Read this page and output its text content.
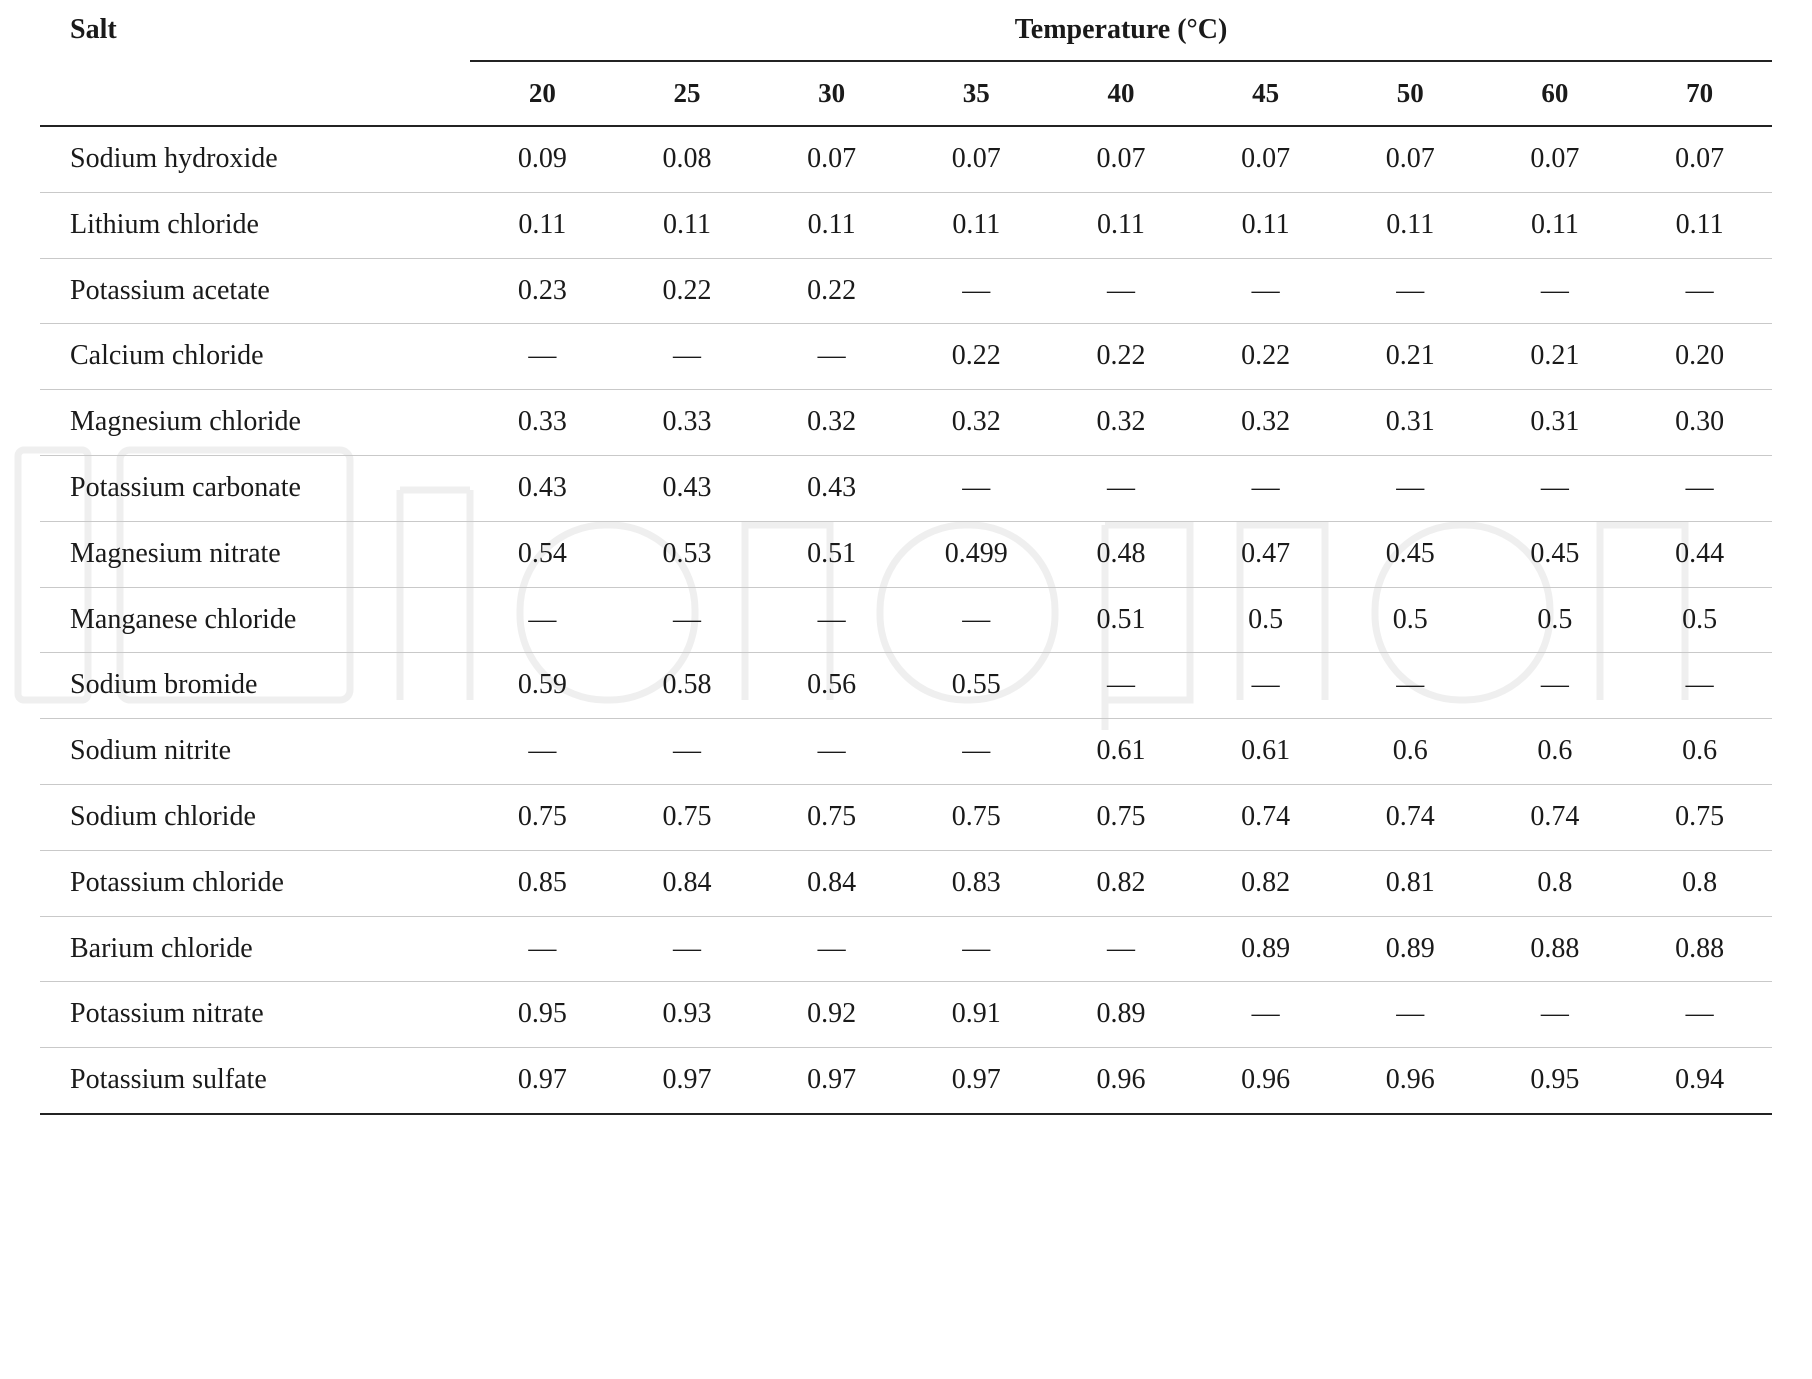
Salt	Temperature (°C)								
	20	25	30	35	40	45	50	60	70
Sodium hydroxide	0.09	0.08	0.07	0.07	0.07	0.07	0.07	0.07	0.07
Lithium chloride	0.11	0.11	0.11	0.11	0.11	0.11	0.11	0.11	0.11
Potassium acetate	0.23	0.22	0.22	—	—	—	—	—	—
Calcium chloride	—	—	—	0.22	0.22	0.22	0.21	0.21	0.20
Magnesium chloride	0.33	0.33	0.32	0.32	0.32	0.32	0.31	0.31	0.30
Potassium carbonate	0.43	0.43	0.43	—	—	—	—	—	—
Magnesium nitrate	0.54	0.53	0.51	0.499	0.48	0.47	0.45	0.45	0.44
Manganese chloride	—	—	—	—	0.51	0.5	0.5	0.5	0.5
Sodium bromide	0.59	0.58	0.56	0.55	—	—	—	—	—
Sodium nitrite	—	—	—	—	0.61	0.61	0.6	0.6	0.6
Sodium chloride	0.75	0.75	0.75	0.75	0.75	0.74	0.74	0.74	0.75
Potassium chloride	0.85	0.84	0.84	0.83	0.82	0.82	0.81	0.8	0.8
Barium chloride	—	—	—	—	—	0.89	0.89	0.88	0.88
Potassium nitrate	0.95	0.93	0.92	0.91	0.89	—	—	—	—
Potassium sulfate	0.97	0.97	0.97	0.97	0.96	0.96	0.96	0.95	0.94
